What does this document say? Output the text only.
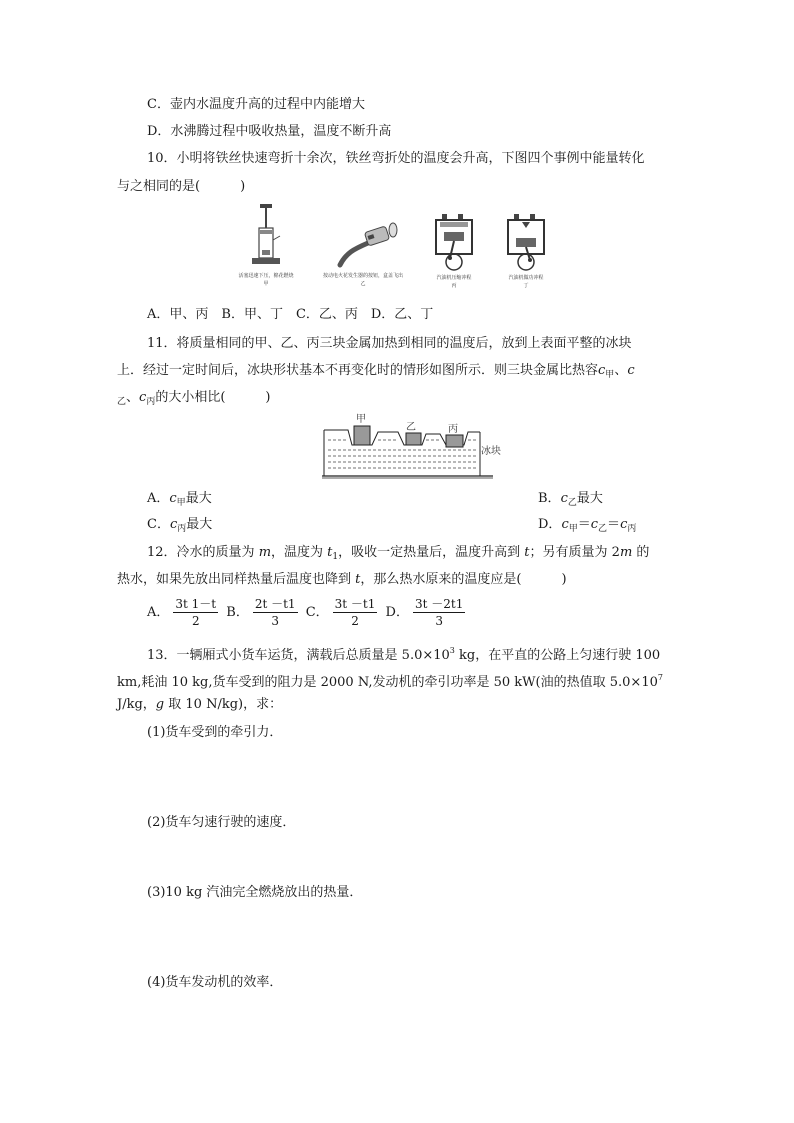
C．壶内水温度升高的过程中内能增大
D．水沸腾过程中吸收热量，温度不断升高
10．小明将铁丝快速弯折十余次，铁丝弯折处的温度会升高，下图四个事例中能量转化
与之相同的是(	)
活塞迅速下压，棉花燃烧
甲
按动电火花发生器的按钮，盒盖飞出
乙
汽油机压缩冲程
丙
汽油机做功冲程
丁
A．甲、丙　B．甲、丁　C．乙、丙　D．乙、丁
11．将质量相同的甲、乙、丙三块金属加热到相同的温度后，放到上表面平整的冰块
上．经过一定时间后，冰块形状基本不再变化时的情形如图所示．则三块金属比热容$c_甲$、c
$_乙$、$c_丙$的大小相比(	)
甲
乙	丙
冰块
A．$c_甲$最大	B．$c_乙$最大
C．$c_丙$最大	D．$c_甲=c_乙=c_丙$
12．冷水的质量为 m，温度为 $t_1$，吸收一定热量后，温度升高到 t；另有质量为 2m 的
热水，如果先放出同样热量后温度也降到 t，那么热水原来的温度应是(	)
A． $\frac{3t 1-t}{2}$ B． $\frac{2t -t1}{3}$ C． $\frac{3t -t1}{2}$ D． $\frac{3t -2t1}{3}$
13．一辆厢式小货车运货，满载后总质量是 $5.0\times 10^3$ kg，在平直的公路上匀速行驶 100
km,耗油 10 kg,货车受到的阻力是 2000 N,发动机的牵引功率是 50 kW(油的热值取 $5.0\times 10^7$
J/kg，g 取 10 N/kg)，求：
(1)货车受到的牵引力．
(2)货车匀速行驶的速度．
(3)10 kg 汽油完全燃烧放出的热量．
(4)货车发动机的效率．
